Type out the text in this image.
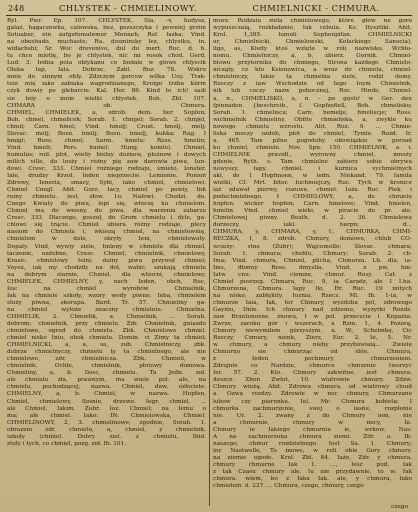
248	CHLYSTEK - CHMIELINOWY.	CHMIELNICKI - CHMURA.
Ryl. Pier. Ep. 107. CHLYSTEK, Sla. -v, hudysz,
galaz, hagaczewka, calowska, bez, pozszczyka i pewniej grzim
Sotuaber, ein aufgefomatemer Menneh; Roſ. lazka; Vind.
na obeshado, muchaste; Ra. dosminsky lez, chlystku, in.
widachshi; Sr. Woc drevenivo, dul do mert. Roc. d. 6.
tu chce miotlę, bo je chlystek, nić mi rosok chod. Gerd.
Lud. 3. Iedna pola oblykanu co bodaie w glowe chlyscik
Oleka Iap, Iala. Dobrze, Zabl. Roz. 78. Wskro
mnie do sinnym obly. Zdzczym gorcow wilka Uoy. Trak-
tuie mię iako zabiaka wagrodzianego, Kroigo trzba kiirm
czyk dowiy po glebarcie. Kal. Her. 86. Kind to ich! sadi
sie toiy o mnie wielki chlystek. Boh. Zbl. 107.
CHMARA ob. Chmura.
CHMIEL, CHMIELEK, a, zdrob. dem. ber Sopfen;
Boh. chmel, chmelicek; Sorab. 1. chmjel; Sorab. 2. chmjel,
chmil; Carn. hmel; Vind. hmelj; Croat. hmelj, melj;
Slovac. melj; Bosn. hmilj; Bosn. hmelj, kukka; Rag. I
hmigl; Ross. chmel; Sarm. hmelu; Ross. hmelin;
Vind. hmeli; Pers. humel; Hung. komlo). Chmiel,
humulus; roil. płot, wieliy bieluy dożnow, plożnow i dowych
milich ville, do losży i różny pię zaw darowia piwa, Iun-
dowi. Cresc. 333. Chmiel różniego rodzaju, śmieto, Ionster.
Iale, drudzy Krzoł. Ieden nieprzeciw. Lemienie. Ponioń
Zdrowy, Ieneria, smacy, Sybi, iako chmiel, chmielowi.
Chmiel Cnegl. Ahit. Gorz. Iacy, chmiel po powiy, Ink
ruiny chmielu. iest, śłow. 1o. Nafowi. Chodzi, do.
Cnego Kwiaty do piwa, lopi się, włóczę ku chmielom.
Chmiel ma do wiosny, do piwa, dla warzenia zabarze
Cresc. 333. Dlaczego, poszoł, do Grom chmielu i dyle, ga-
chlowi się trącie. Chmiel ubiera różny rodzaje, plecy
nasiom do Chmiela i, wkoszą chmiel, na chmielownię,
chmielem w dole, skryty Ieni, chmielowaty.
Dopaly. Vind, wywiy ziele, Imleny w chmielu dla chmiel,
taczenie, ozdobne, Cresc. Chmiel, chmielnik, chmielowy,
Krasic. chmielowy Ielni, doiny piwa przywoł chmiel;
Voyez, iak my chodziły na dół, wabić, szukają chmielu
na dobrym ziarnie, Chmiel, dla wtiorni, chmielowy.
CHMIELEK, CHMIELNY, y, nach Ieden, obch, Ruc,
Ios: na chmiel wyrobów Chmielnik.
Iak na chmiele szkoły, wzory wody piwne. Ieba, chmielem
sluży piwna, skorupa. Bard. Tr. 57. Chmieliny ga-
na chmiel wyłoże znaczny chmielnie. Chmielna.
CHMIELIK, 2. Chmielik, a. Chmielnik, ... Sorab.
dobrom; chmielnik, przy chmielu. Zdr. Chmielnik, gniazdo
chmielowe, ogrod do chmielu. Zbk. Chmielowe chmiel.
chmiel nisko Iniu, obok chmielu. Domin. ci Zimy ta chmiel;
CHMIELNICKI, a, a, sa, zob. Chmielniczy, zbk.
dobrze chmielnyczy, chmielu ty ta chmielnego, ale nie
chmielowe, zdr. chmielnicza. Zbk. Chmieli, w
chmielnik. Ochle, chmielnik, płotowy domowa.
Chmieliny, a, b. Ilosc, chmielu. Ta Jedn. zoł.
ale chmielu zła, prawnym, ma wiele pol. ale, na
chmielu, pochodzącej, nazwa. Chmiel, daw, ozłociste.
CHMIELNY, a, b. Chmiel, w nazwa. Hopfen,
Chmiel, chmielowy, Sosnie, drzewo. Iegr. chmiel, ...
ale Chmiel, Iakim. Zubr. Ioz. Chmiel; na Iemu o
ma; ale chmiel. Iako: IN. Chmielowska, Chmiel.
CHMIELINOWY, 2, 3. chmielinowe, zgodnie, Sorab. 1.
obrazem zdr. chmielu, a, chmiel, y chmielnik.
szkoly (chmiel. Dobry ziel. z chmielu, Ibid.
ztoly i tych, co chmiel, pozg. zoł. Ib. 101.
murz. Rodzaiu ziela chmielowego, które głów ne goro
wypuszczaią, rozkładanie, Iak cebula. Ks. Itysztiki. Ahit.
Krol. 1,385. lumuli Sophenpifan. CHMIELNICKI
ur, Chmielnicki, Chmielowski, Kołackiego Sanocia),
ligo, as, Kiedy ktoś wzięte w roli nazwisko, Wchło-
nomu. Chmielniczy, a, b, zbierz. Gornik. Chmiel-
blowu przytorniku do chmiego, Strona każdego Chmielo-
nicząty, cz kto Ksienowica, a wraz do chmielu, chmiel-
chmielniczy, Iakie ta chmielna ziele, rodzi domy.
Rzeczy z iaw Wschodzie od tego Ioym Chmielnik,
nik lub coczy nazw pobocznej, Roc. Hinde. Chmiel-
a, n., CHMIELISKO, a, n. - po gęsto' w Ger. den
ſpinnaden {beschreib., ſ. Gopfzofiell, Boh. chmelisko;
Sorab. 1. chmelisca; Carn. hemelje, hmeliscje; Ross.
wichmelnik Chmieliny. Obfite chmieliska, a, zwykle ku
nowego chmielu wzrostu. Alit. Roz. 9. ... Chmie-
liska moczy ozdób, płot do chmiel, Tymle. Rozd. Ir.
a. 465. Tam pilno pogodoby obowiązkie w porzad
ku chmiel, chmiele. Nov. Spn. 150. CHMIELNIK, a. i.
CHMIELNIK pravidl., wyrowny chmiel, mnoży
gdenie, Ryth. s. Tam chmielne zabierz sobie obrywa
nowyszy, łapy, chmiel, i kurnica vychmielnych
aki, de 1 Hopfmoen, w iedn. Niekand. 79. Iamila
wielki, Cf. Mrt. biter. Iuchmiejczy, Ruc. Tych w kronice
iaż zdawał pierwy, rozuwa, chmiel. Iaża. Ruc. Piek. i
podechmielnego. I CHMIELOWY, a, do chmielu
hopfen, wicker bopfen; Carn. hmelove; Vind. hmelen,
hmelin. Vind. chmiel wieki, w piracie do pr. ale.
Chmielowej piwny. Beath. d. 2. 36. Chmielowa
dorzeczy, iaki. harpn; d...
CHMURA, y, CHMARA, y, f., CHMURKA, CHMI-
RECZKA, I, 8. zdrob. Chmury, domowe, chlub CO-
wcieży; stne (Zubr); Wajcemolle; Slovac. chmara;
Sorab. 1. chmura; cheblu, Chmury; Sorab. 2. ch-
Ima; Vind. chmura, Chmiel, plicha, Chmurza. Lb. dla, ia-
Ims, dłonny. Ross. dmyslla. Vind. z pw, hm-
Iatw cnu. Vind. ciemne, chmur. Rosy. Cat. z
Chmiel posrzeg. Chmara, Ruc. 9, ia Caradz, ale 1 I.ha.
Chmurzena, Chmura. Iapy Ilo, Hr. Ruc. 19 mitych
na nisko, zabłękity, Ioznia. Rzecz. Ml. Ib. 1-ia, w
chmurze Iaia, Iak, Ier Chmury, wyzdoba pól, zdrowego
Gayniu, Dnie. Ich chmury nad zdżemu, wyzyrki Rozdz.
zaw Brantonośne, znowu, I w pol. przeczcie i Kopania.
Zwrze, zaroku gór i wszerach, a Rzm. 1, 4. Pozorą,
Chmury niewymiłem górzyszym. a. W., Schelmkę, Cic
Rzeczy, Czmury, nienk, Zierz, Eur. 2. Ie, 5. Nr.
w chmury, a chmury nieby przybowiaią... Zwieie
Chmurno sie chmurząc od sbie. Chmura,
z Ieden pochmury, chmurzeniem.
Zdrojnie co Nardzie, chmurce chmurnie tworzyć
Ier. 57. 2. Kto. Chmury zakwitne, iest chmura.
deszcz. Zhen Zwlot, 10. wiatrowie chmury. Zdzw.
Chmury wieżą. Ahit. Zdrowa chmura, od wiatrowy cloud
a. Ozwa rozdzy. Zdrowie w noc chmury, Chmurzane
lubow czy piorunku. Iel. Mr. Chmura kobieta: I
chmurka zachmurzenie, swej o iasne, rozpłonie
nie. Ur. 2. zwany z do Chmury iem, nie
a chmurnie, chmury w nocy, Ie.
Chmury ie Iakiego chmurnie ie, wrkow. Nas:
A na zachmurzona chmura ziemi. Zdr. a. Ib.
naszego, chmur rozdzielnego. Iest Sa. 1. Chmury;
iny Nastwelle, To mowe, w roli obie Gory chmury.
na ziemie ogodo. Krel. Zbl. 84. Iaże, Zdr. y chmura.
chmury chmurne Iak 1. ..., Ieść pod. Iak
z tak Czasu chmury ale. Iu nie przydawnie, to w. Iak
chmura. wiem, bo z Iaka Iak. ale, y chmura, Iako
chmielem. ii. 227. ... Chmura, czego, chmury, czego
czego
